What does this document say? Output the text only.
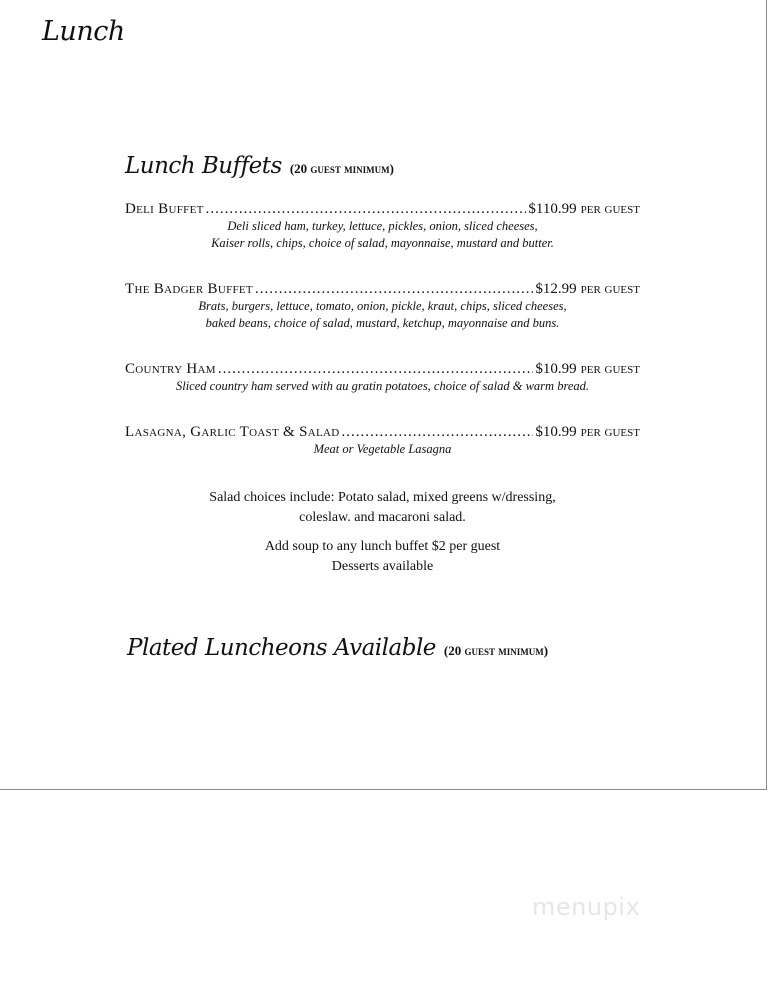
Lunch
Lunch Buffets (20 guest minimum)
Deli Buffet .....	$110.99 per guest
Deli sliced ham, turkey, lettuce, pickles, onion, sliced cheeses,
Kaiser rolls, chips, choice of salad, mayonnaise, mustard and butter.
The Badger Buffet .....	$12.99 per guest
Brats, burgers, lettuce, tomato, onion, pickle, kraut, chips, sliced cheeses,
baked beans, choice of salad, mustard, ketchup, mayonnaise and buns.
Country Ham .....	$10.99 per guest
Sliced country ham served with au gratin potatoes, choice of salad & warm bread.
Lasagna, Garlic Toast & Salad .....	$10.99 per guest
Meat or Vegetable Lasagna
Salad choices include: Potato salad, mixed greens w/dressing,
coleslaw. and macaroni salad.
Add soup to any lunch buffet $2 per guest
Desserts available
Plated Luncheons Available (20 guest minimum)
menupix
